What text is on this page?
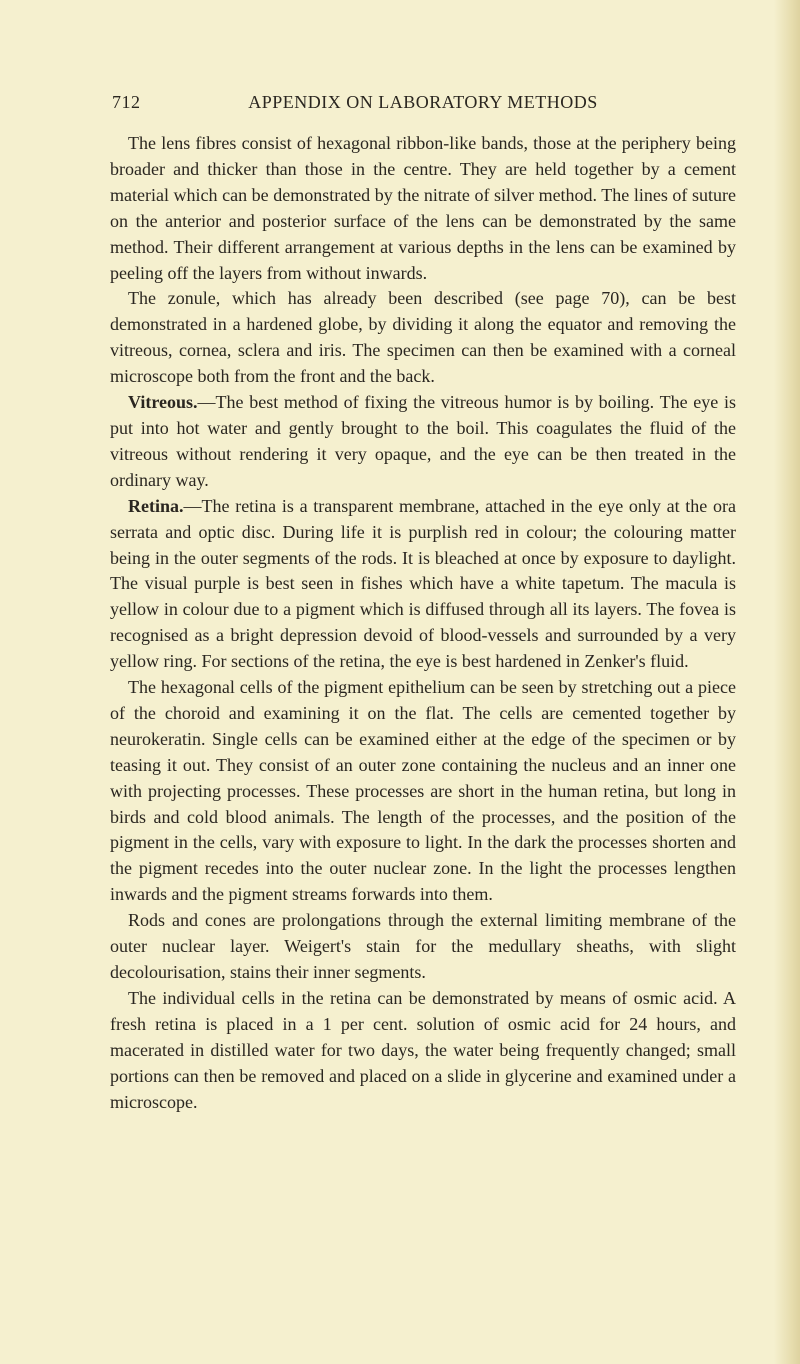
712	APPENDIX ON LABORATORY METHODS

The lens fibres consist of hexagonal ribbon-like bands, those at the periphery being broader and thicker than those in the centre. They are held together by a cement material which can be demonstrated by the nitrate of silver method. The lines of suture on the anterior and posterior surface of the lens can be demonstrated by the same method. Their different arrangement at various depths in the lens can be examined by peeling off the layers from without inwards.

The zonule, which has already been described (see page 70), can be best demonstrated in a hardened globe, by dividing it along the equator and removing the vitreous, cornea, sclera and iris. The specimen can then be examined with a corneal microscope both from the front and the back.

Vitreous.—The best method of fixing the vitreous humor is by boiling. The eye is put into hot water and gently brought to the boil. This coagulates the fluid of the vitreous without rendering it very opaque, and the eye can be then treated in the ordinary way.

Retina.—The retina is a transparent membrane, attached in the eye only at the ora serrata and optic disc. During life it is purplish red in colour; the colouring matter being in the outer segments of the rods. It is bleached at once by exposure to daylight. The visual purple is best seen in fishes which have a white tapetum. The macula is yellow in colour due to a pigment which is diffused through all its layers. The fovea is recognised as a bright depression devoid of blood-vessels and surrounded by a very yellow ring. For sections of the retina, the eye is best hardened in Zenker's fluid.

The hexagonal cells of the pigment epithelium can be seen by stretching out a piece of the choroid and examining it on the flat. The cells are cemented together by neurokeratin. Single cells can be examined either at the edge of the specimen or by teasing it out. They consist of an outer zone containing the nucleus and an inner one with projecting processes. These processes are short in the human retina, but long in birds and cold blood animals. The length of the processes, and the position of the pigment in the cells, vary with exposure to light. In the dark the processes shorten and the pigment recedes into the outer nuclear zone. In the light the processes lengthen inwards and the pigment streams forwards into them.

Rods and cones are prolongations through the external limiting membrane of the outer nuclear layer. Weigert's stain for the medullary sheaths, with slight decolourisation, stains their inner segments.

The individual cells in the retina can be demonstrated by means of osmic acid. A fresh retina is placed in a 1 per cent. solution of osmic acid for 24 hours, and macerated in distilled water for two days, the water being frequently changed; small portions can then be removed and placed on a slide in glycerine and examined under a microscope.
